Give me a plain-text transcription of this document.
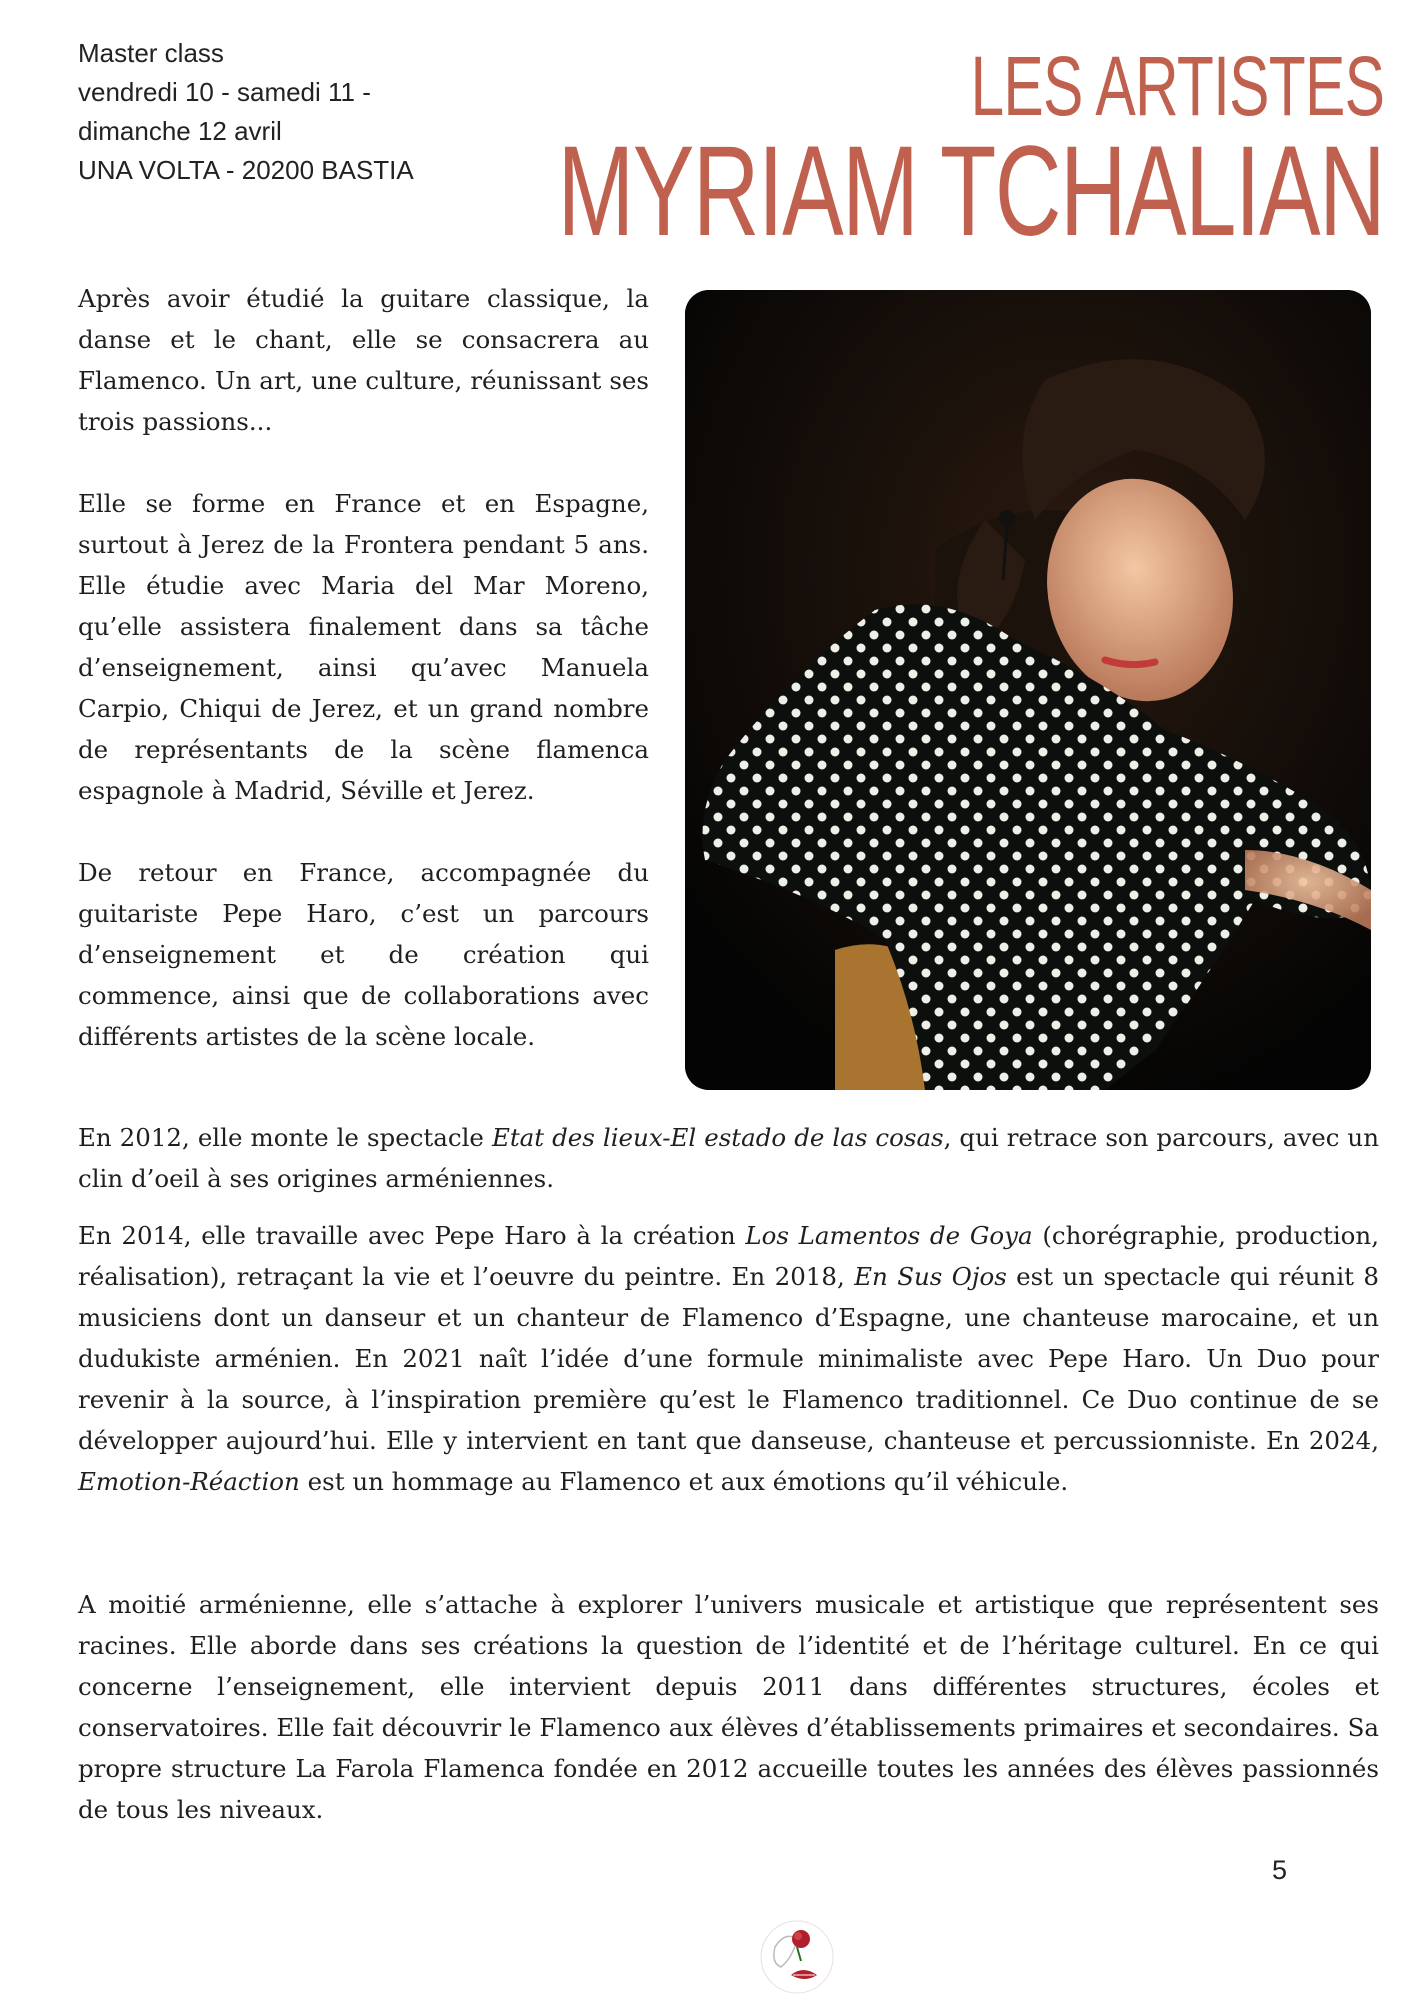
Master class
vendredi 10 - samedi 11 -
dimanche 12 avril
UNA VOLTA - 20200 BASTIA
LES ARTISTES
MYRIAM TCHALIAN

Après avoir étudié la guitare classique, la danse et le chant, elle se consacrera au Flamenco. Un art, une culture, réunissant ses trois passions...

Elle se forme en France et en Espagne, surtout à Jerez de la Frontera pendant 5 ans. Elle étudie avec Maria del Mar Moreno, qu’elle assistera finalement dans sa tâche d’enseignement, ainsi qu’avec Manuela Carpio, Chiqui de Jerez, et un grand nombre de représentants de la scène flamenca espagnole à Madrid, Séville et Jerez.

De retour en France, accompagnée du guitariste Pepe Haro, c’est un parcours d’enseignement et de création qui commence, ainsi que de collaborations avec différents artistes de la scène locale.

En 2012, elle monte le spectacle Etat des lieux-El estado de las cosas, qui retrace son parcours, avec un clin d’oeil à ses origines arméniennes.

En 2014, elle travaille avec Pepe Haro à la création Los Lamentos de Goya (chorégraphie, production, réalisation), retraçant la vie et l’oeuvre du peintre. En 2018, En Sus Ojos est un spectacle qui réunit 8 musiciens dont un danseur et un chanteur de Flamenco d’Espagne, une chanteuse marocaine, et un dudukiste arménien. En 2021 naît l’idée d’une formule minimaliste avec Pepe Haro. Un Duo pour revenir à la source, à l’inspiration première qu’est le Flamenco traditionnel. Ce Duo continue de se développer aujourd’hui. Elle y intervient en tant que danseuse, chanteuse et percussionniste. En 2024, Emotion-Réaction est un hommage au Flamenco et aux émotions qu’il véhicule.

A moitié arménienne, elle s’attache à explorer l’univers musicale et artistique que représentent ses racines. Elle aborde dans ses créations la question de l’identité et de l’héritage culturel. En ce qui concerne l’enseignement, elle intervient depuis 2011 dans différentes structures, écoles et conservatoires. Elle fait découvrir le Flamenco aux élèves d’établissements primaires et secondaires. Sa propre structure La Farola Flamenca fondée en 2012 accueille toutes les années des élèves passionnés de tous les niveaux.

5
